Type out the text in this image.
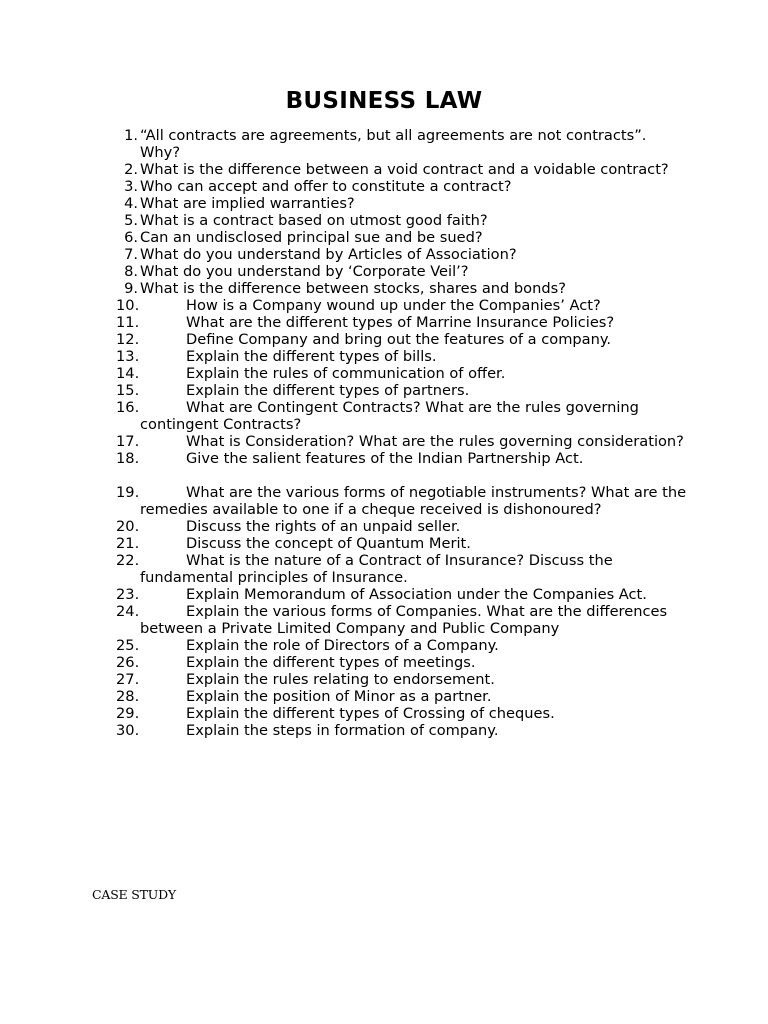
BUSINESS LAW
1. “All contracts are agreements, but all agreements are not contracts”. Why?
2. What is the difference between a void contract and a voidable contract?
3. Who can accept and offer to constitute a contract?
4. What are implied warranties?
5. What is a contract based on utmost good faith?
6. Can an undisclosed principal sue and be sued?
7. What do you understand by Articles of Association?
8. What do you understand by ‘Corporate Veil’?
9. What is the difference between stocks, shares and bonds?
10.	How is a Company wound up under the Companies’ Act?
11.	What are the different types of Marrine Insurance Policies?
12.	Define Company and bring out the features of a company.
13.	Explain the different types of bills.
14.	Explain the rules of communication of offer.
15.	Explain the different types of partners.
16.	What are Contingent Contracts? What are the rules governing contingent Contracts?
17.	What is Consideration? What are the rules governing consideration?
18.	Give the salient features of the Indian Partnership Act.
19.	What are the various forms of negotiable instruments? What are the remedies available to one if a cheque received is dishonoured?
20.	Discuss the rights of an unpaid seller.
21.	Discuss the concept of Quantum Merit.
22.	What is the nature of a Contract of Insurance? Discuss the fundamental principles of Insurance.
23.	Explain Memorandum of Association under the Companies Act.
24.	Explain the various forms of Companies. What are the differences between a Private Limited Company and Public Company
25.	Explain the role of Directors of a Company.
26.	Explain the different types of meetings.
27.	Explain the rules relating to endorsement.
28.	Explain the position of Minor as a partner.
29.	Explain the different types of Crossing of cheques.
30.	Explain the steps in formation of company.
CASE STUDY
